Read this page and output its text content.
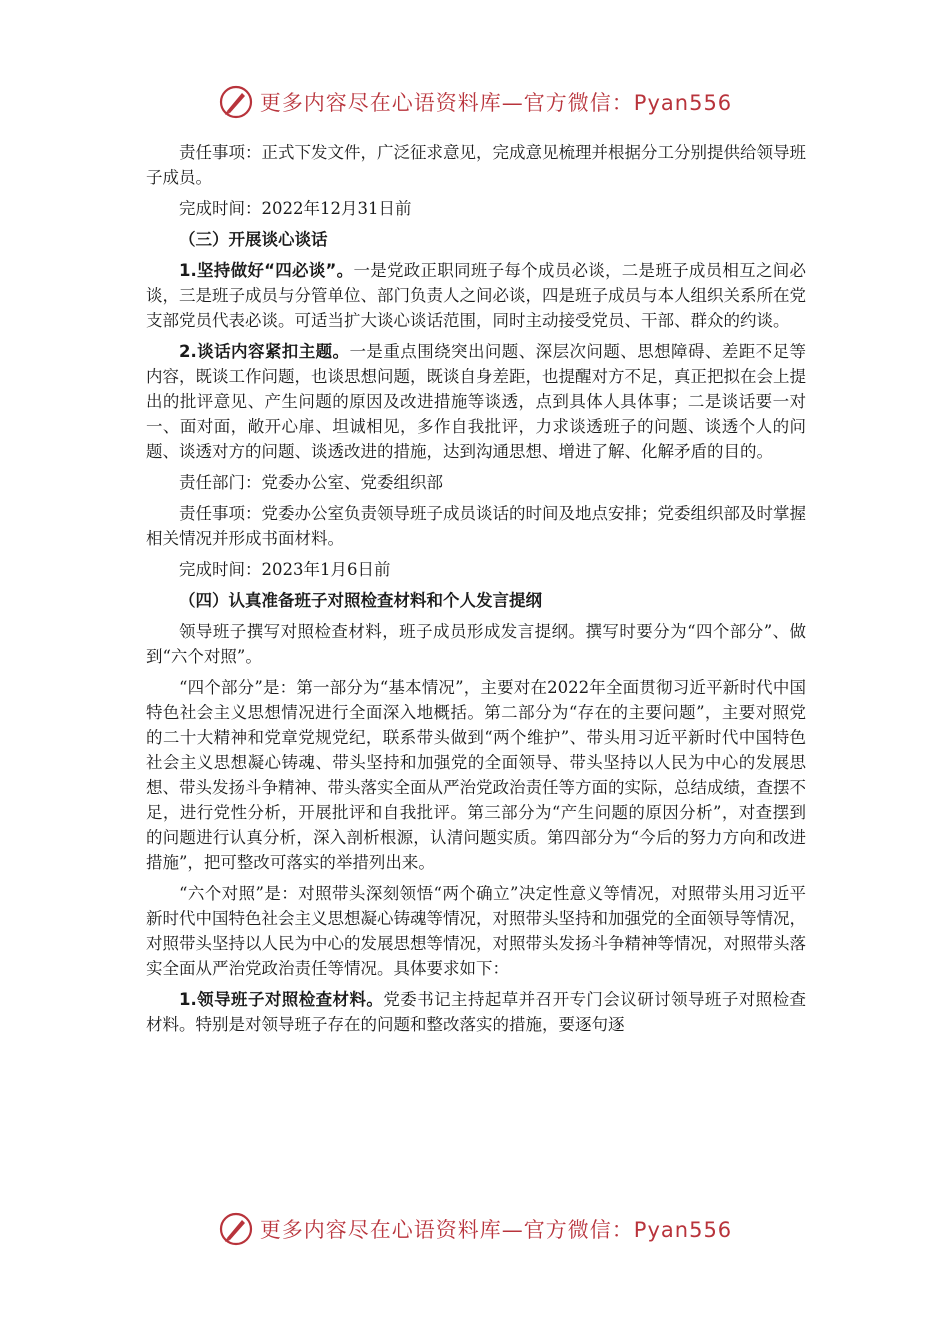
更多内容尽在心语资料库—官方微信：Pyan556

责任事项：正式下发文件，广泛征求意见，完成意见梳理并根据分工分别提供给领导班子成员。

完成时间：2022年12月31日前

（三）开展谈心谈话

1.坚持做好“四必谈”。一是党政正职同班子每个成员必谈，二是班子成员相互之间必谈，三是班子成员与分管单位、部门负责人之间必谈，四是班子成员与本人组织关系所在党支部党员代表必谈。可适当扩大谈心谈话范围，同时主动接受党员、干部、群众的约谈。

2.谈话内容紧扣主题。一是重点围绕突出问题、深层次问题、思想障碍、差距不足等内容，既谈工作问题，也谈思想问题，既谈自身差距，也提醒对方不足，真正把拟在会上提出的批评意见、产生问题的原因及改进措施等谈透，点到具体人具体事；二是谈话要一对一、面对面，敞开心扉、坦诚相见，多作自我批评，力求谈透班子的问题、谈透个人的问题、谈透对方的问题、谈透改进的措施，达到沟通思想、增进了解、化解矛盾的目的。

责任部门：党委办公室、党委组织部

责任事项：党委办公室负责领导班子成员谈话的时间及地点安排；党委组织部及时掌握相关情况并形成书面材料。

完成时间：2023年1月6日前

（四）认真准备班子对照检查材料和个人发言提纲

领导班子撰写对照检查材料，班子成员形成发言提纲。撰写时要分为“四个部分”、做到“六个对照”。

“四个部分”是：第一部分为“基本情况”，主要对在2022年全面贯彻习近平新时代中国特色社会主义思想情况进行全面深入地概括。第二部分为“存在的主要问题”，主要对照党的二十大精神和党章党规党纪，联系带头做到“两个维护”、带头用习近平新时代中国特色社会主义思想凝心铸魂、带头坚持和加强党的全面领导、带头坚持以人民为中心的发展思想、带头发扬斗争精神、带头落实全面从严治党政治责任等方面的实际，总结成绩，查摆不足，进行党性分析，开展批评和自我批评。第三部分为“产生问题的原因分析”，对查摆到的问题进行认真分析，深入剖析根源，认清问题实质。第四部分为“今后的努力方向和改进措施”，把可整改可落实的举措列出来。

“六个对照”是：对照带头深刻领悟“两个确立”决定性意义等情况，对照带头用习近平新时代中国特色社会主义思想凝心铸魂等情况，对照带头坚持和加强党的全面领导等情况，对照带头坚持以人民为中心的发展思想等情况，对照带头发扬斗争精神等情况，对照带头落实全面从严治党政治责任等情况。具体要求如下：

1.领导班子对照检查材料。党委书记主持起草并召开专门会议研讨领导班子对照检查材料。特别是对领导班子存在的问题和整改落实的措施，要逐句逐

更多内容尽在心语资料库—官方微信：Pyan556
